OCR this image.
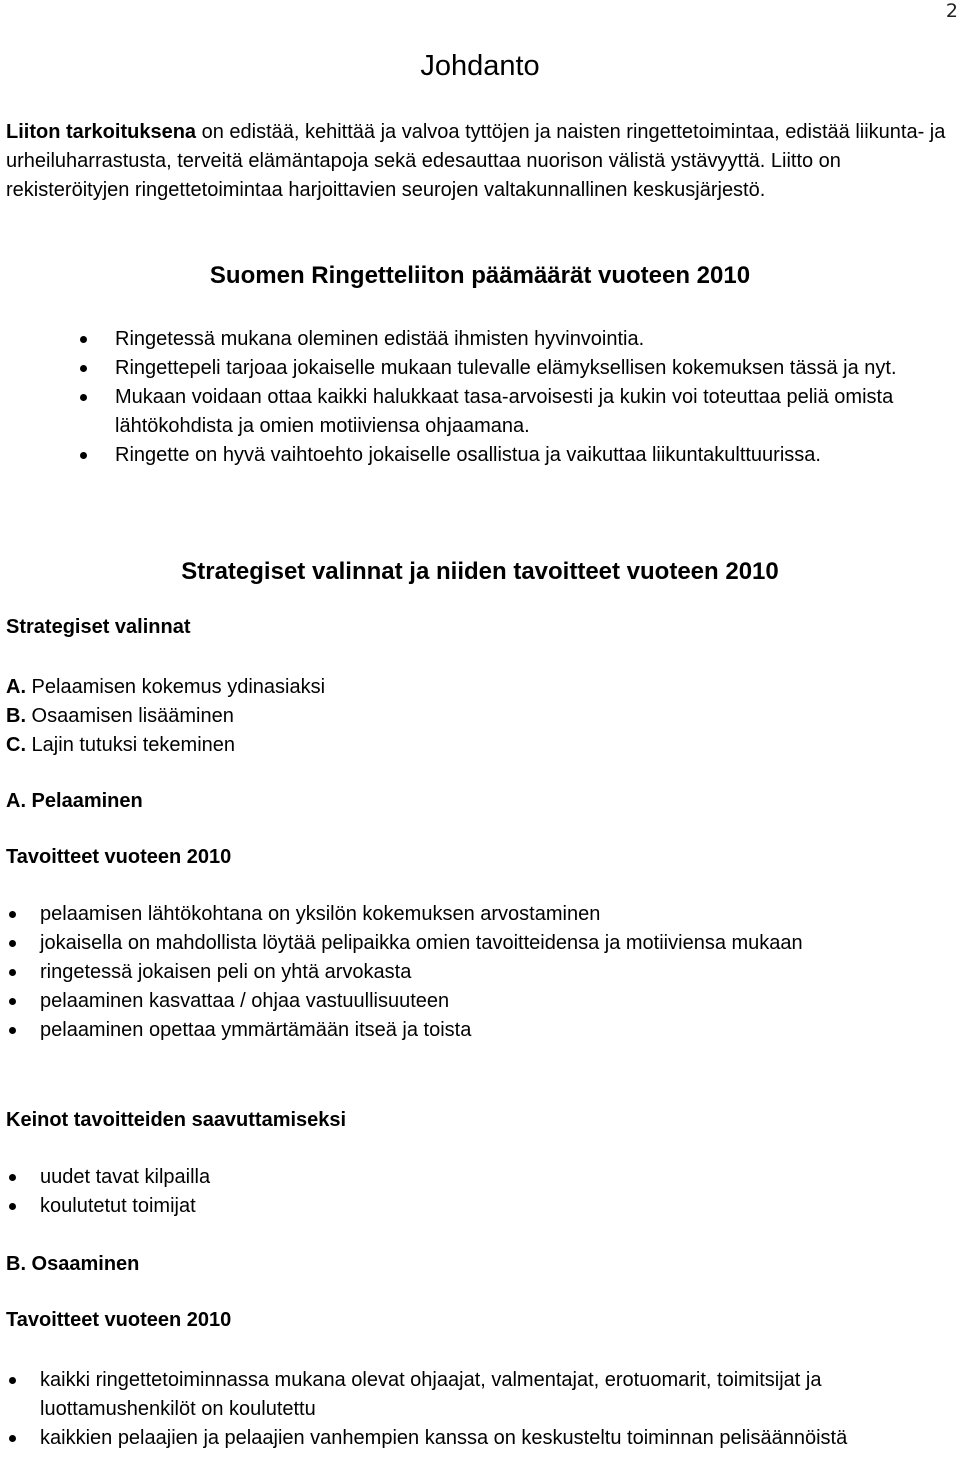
2
Johdanto

Liiton tarkoituksena on edistää, kehittää ja valvoa tyttöjen ja naisten ringettetoimintaa, edistää liikunta- ja urheiluharrastusta, terveitä elämäntapoja sekä edesauttaa nuorison välistä ystävyyttä. Liitto on rekisteröityjen ringettetoimintaa harjoittavien seurojen valtakunnallinen keskusjärjestö.

Suomen Ringetteliiton päämäärät vuoteen 2010
Ringetessä mukana oleminen edistää ihmisten hyvinvointia.
Ringettepeli tarjoaa jokaiselle mukaan tulevalle elämyksellisen kokemuksen tässä ja nyt.
Mukaan voidaan ottaa kaikki halukkaat tasa-arvoisesti ja kukin voi toteuttaa peliä omista lähtökohdista ja omien motiiviensa ohjaamana.
Ringette on hyvä vaihtoehto jokaiselle osallistua ja vaikuttaa liikuntakulttuurissa.
Strategiset valinnat ja niiden tavoitteet vuoteen 2010

Strategiset valinnat

A. Pelaamisen kokemus ydinasiaksi
B. Osaamisen lisääminen
C. Lajin tutuksi tekeminen

A. Pelaaminen

Tavoitteet vuoteen 2010

pelaamisen lähtökohtana on yksilön kokemuksen arvostaminen
jokaisella on mahdollista löytää pelipaikka omien tavoitteidensa ja motiiviensa mukaan
ringetessä jokaisen peli on yhtä arvokasta
pelaaminen kasvattaa / ohjaa vastuullisuuteen
pelaaminen opettaa ymmärtämään itseä ja toista

Keinot tavoitteiden saavuttamiseksi

uudet tavat kilpailla
koulutetut toimijat

B. Osaaminen

Tavoitteet vuoteen 2010

kaikki ringettetoiminnassa mukana olevat ohjaajat, valmentajat, erotuomarit, toimitsijat ja luottamushenkilöt on koulutettu
kaikkien pelaajien ja pelaajien vanhempien kanssa on keskusteltu toiminnan pelisäännöistä
